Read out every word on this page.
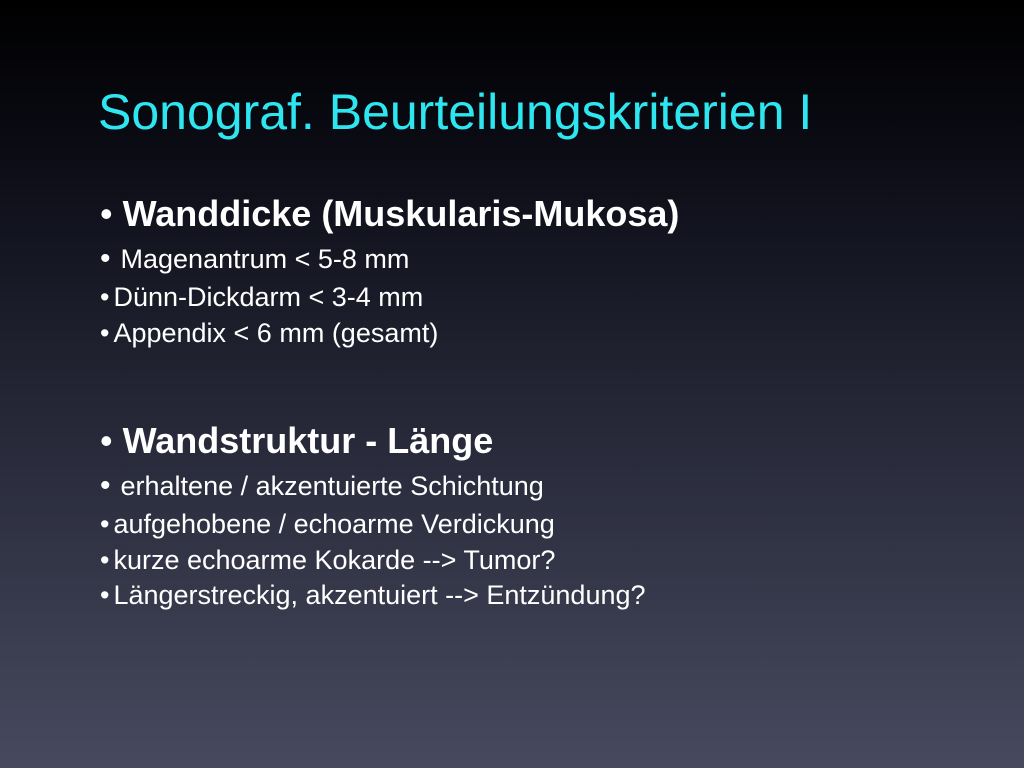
Sonograf. Beurteilungskriterien I
• Wanddicke (Muskularis-Mukosa)
• Magenantrum < 5-8 mm
• Dünn-Dickdarm < 3-4 mm
• Appendix < 6 mm (gesamt)
• Wandstruktur - Länge
• erhaltene / akzentuierte Schichtung
• aufgehobene / echoarme Verdickung
• kurze echoarme Kokarde --> Tumor?
• Längerstreckig, akzentuiert --> Entzündung?
